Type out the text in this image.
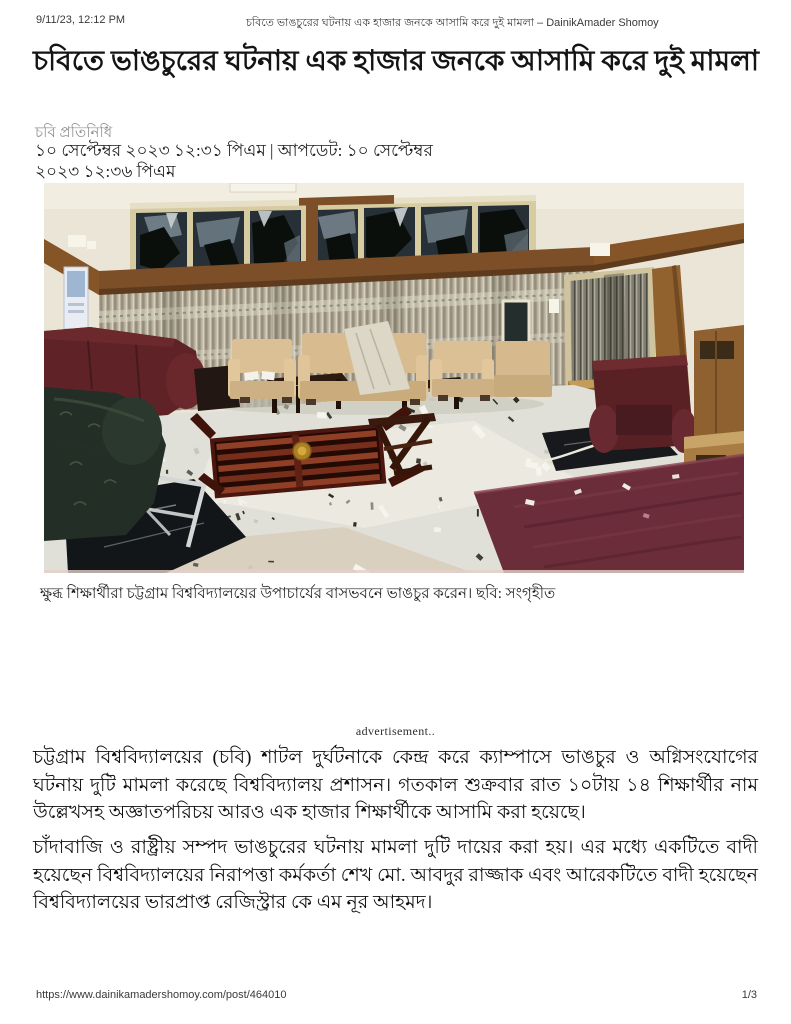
9/11/23, 12:12 PM	চবিতে ভাঙচুরের ঘটনায় এক হাজার জনকে আসামি করে দুই মামলা – DainikAmader Shomoy
চবিতে ভাঙচুরের ঘটনায় এক হাজার জনকে আসামি করে দুই মামলা
চবি প্রতিনিধি
১০ সেপ্টেম্বর ২০২৩ ১২:৩১ পিএম | আপডেট: ১০ সেপ্টেম্বর ২০২৩ ১২:৩৬ পিএম
ক্ষুব্ধ শিক্ষার্থীরা চট্টগ্রাম বিশ্ববিদ্যালয়ের উপাচার্যের বাসভবনে ভাঙচুর করেন। ছবি: সংগৃহীত
advertisement..

চট্টগ্রাম বিশ্ববিদ্যালয়ের (চবি) শাটল দুর্ঘটনাকে কেন্দ্র করে ক্যাম্পাসে ভাঙচুর ও অগ্নিসংযোগের ঘটনায় দুটি মামলা করেছে বিশ্ববিদ্যালয় প্রশাসন। গতকাল শুক্রবার রাত ১০টায় ১৪ শিক্ষার্থীর নাম উল্লেখসহ অজ্ঞাতপরিচয় আরও এক হাজার শিক্ষার্থীকে আসামি করা হয়েছে।

চাঁদাবাজি ও রাষ্ট্রীয় সম্পদ ভাঙচুরের ঘটনায় মামলা দুটি দায়ের করা হয়। এর মধ্যে একটিতে বাদী হয়েছেন বিশ্ববিদ্যালয়ের নিরাপত্তা কর্মকর্তা শেখ মো. আবদুর রাজ্জাক এবং আরেকটিতে বাদী হয়েছেন বিশ্ববিদ্যালয়ের ভারপ্রাপ্ত রেজিস্ট্রার কে এম নূর আহমদ।

https://www.dainikamadershomoy.com/post/464010	1/3
